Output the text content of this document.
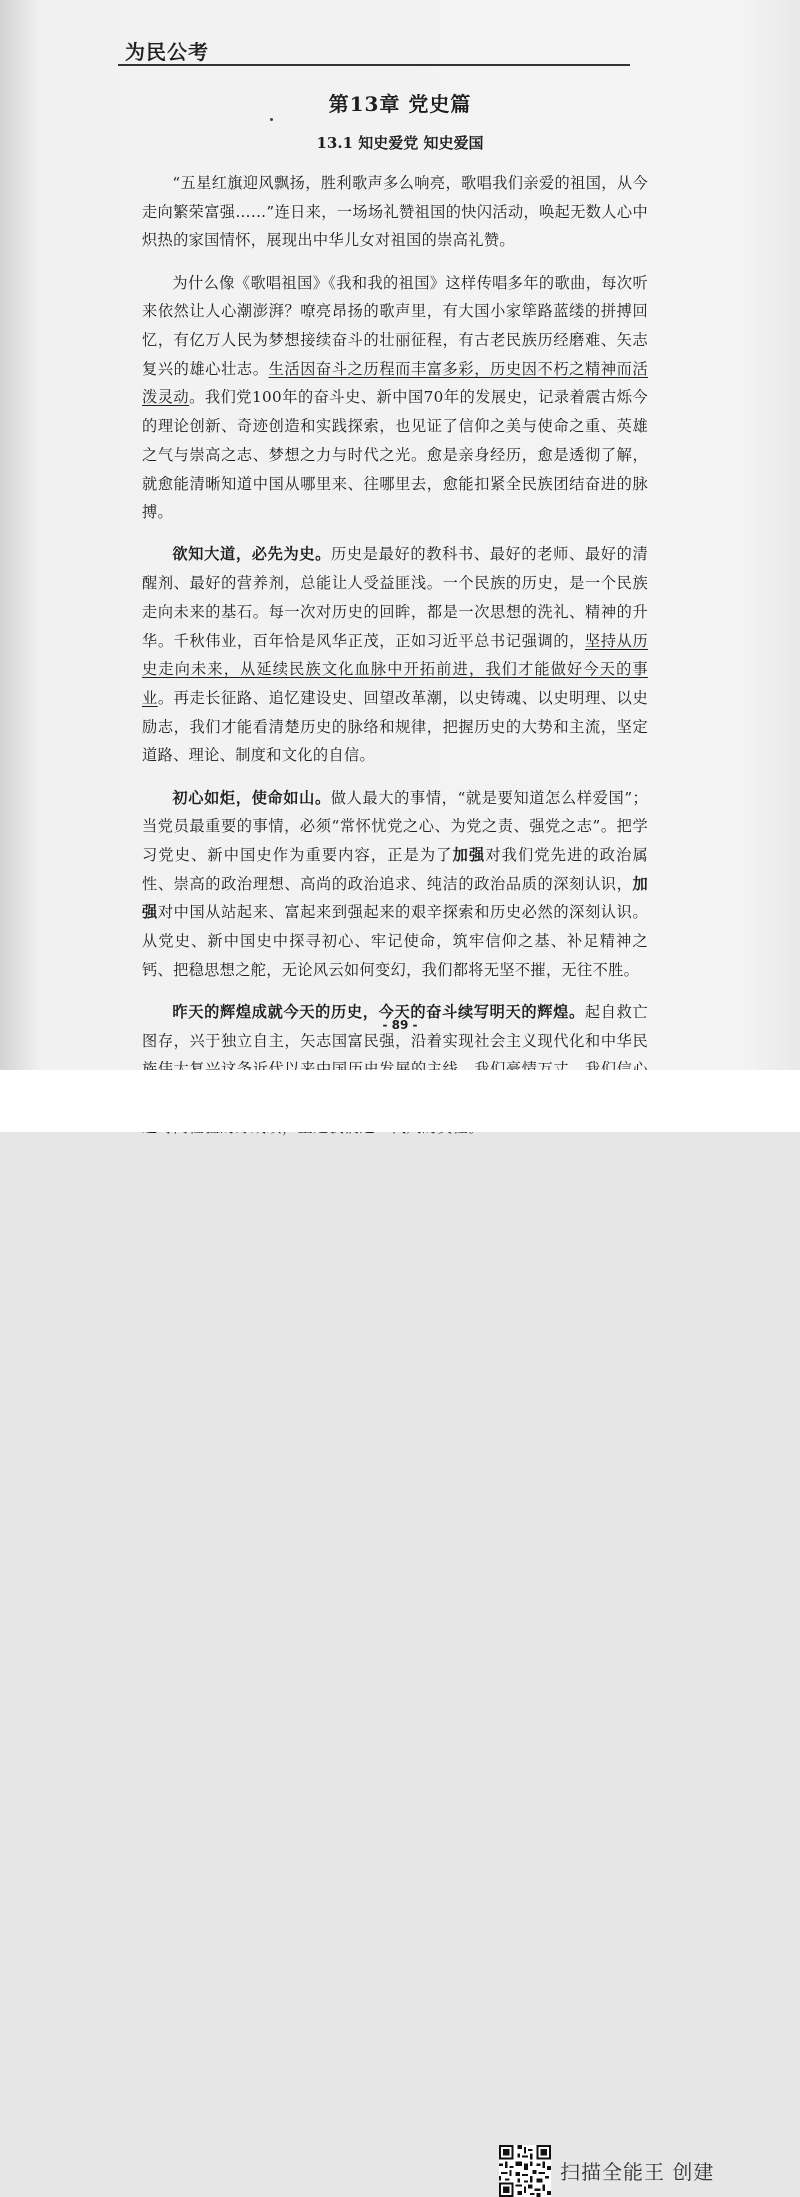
为民公考
第13章 党史篇
13.1 知史爱党 知史爱国

“五星红旗迎风飘扬，胜利歌声多么响亮，歌唱我们亲爱的祖国，从今走向繁荣富强……”连日来，一场场礼赞祖国的快闪活动，唤起无数人心中炽热的家国情怀，展现出中华儿女对祖国的崇高礼赞。

为什么像《歌唱祖国》《我和我的祖国》这样传唱多年的歌曲，每次听来依然让人心潮澎湃？嘹亮昂扬的歌声里，有大国小家筚路蓝缕的拼搏回忆，有亿万人民为梦想接续奋斗的壮丽征程，有古老民族历经磨难、矢志复兴的雄心壮志。生活因奋斗之历程而丰富多彩，历史因不朽之精神而活泼灵动。我们党100年的奋斗史、新中国70年的发展史，记录着震古烁今的理论创新、奇迹创造和实践探索，也见证了信仰之美与使命之重、英雄之气与崇高之志、梦想之力与时代之光。愈是亲身经历，愈是透彻了解，就愈能清晰知道中国从哪里来、往哪里去，愈能扣紧全民族团结奋进的脉搏。

欲知大道，必先为史。历史是最好的教科书、最好的老师、最好的清醒剂、最好的营养剂，总能让人受益匪浅。一个民族的历史，是一个民族走向未来的基石。每一次对历史的回眸，都是一次思想的洗礼、精神的升华。千秋伟业，百年恰是风华正茂，正如习近平总书记强调的，坚持从历史走向未来，从延续民族文化血脉中开拓前进，我们才能做好今天的事业。再走长征路、追忆建设史、回望改革潮，以史铸魂、以史明理、以史励志，我们才能看清楚历史的脉络和规律，把握历史的大势和主流，坚定道路、理论、制度和文化的自信。

初心如炬，使命如山。做人最大的事情，“就是要知道怎么样爱国”；当党员最重要的事情，必须“常怀忧党之心、为党之责、强党之志”。把学习党史、新中国史作为重要内容，正是为了加强对我们党先进的政治属性、崇高的政治理想、高尚的政治追求、纯洁的政治品质的深刻认识，加强对中国从站起来、富起来到强起来的艰辛探索和历史必然的深刻认识。从党史、新中国史中探寻初心、牢记使命，筑牢信仰之基、补足精神之钙、把稳思想之舵，无论风云如何变幻，我们都将无坚不摧，无往不胜。

昨天的辉煌成就今天的历史，今天的奋斗续写明天的辉煌。起自救亡图存，兴于独立自主，矢志国富民强，沿着实现社会主义现代化和中华民

- 89 -
扫描全能王 创建
